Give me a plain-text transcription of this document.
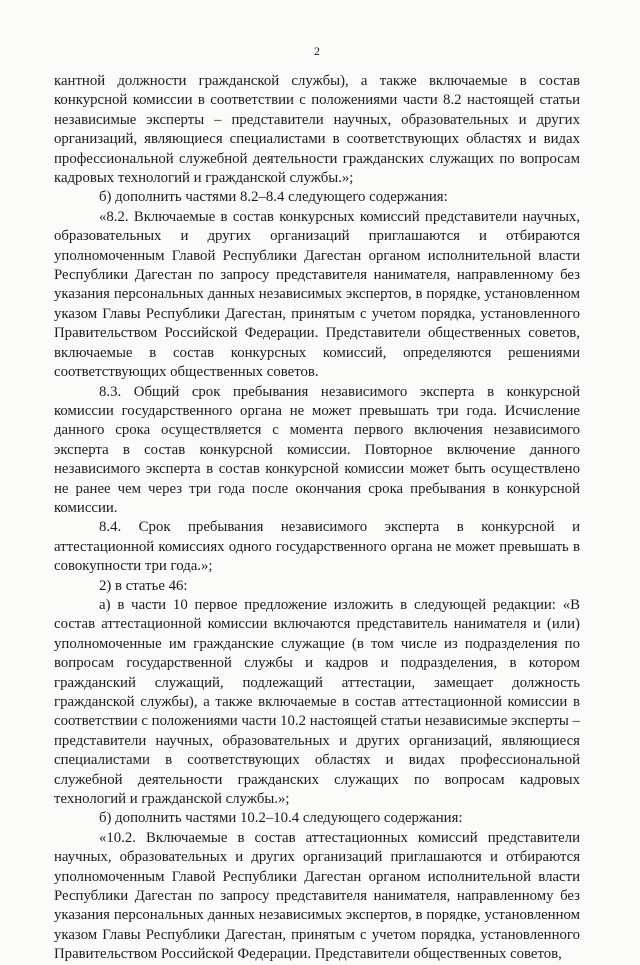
2

кантной должности гражданской службы), а также включаемые в состав конкурсной комиссии в соответствии с положениями части 8.2 настоящей статьи независимые эксперты – представители научных, образовательных и других организаций, являющиеся специалистами в соответствующих областях и видах профессиональной служебной деятельности гражданских служащих по вопросам кадровых технологий и гражданской службы.»;

б) дополнить частями 8.2–8.4 следующего содержания:

«8.2. Включаемые в состав конкурсных комиссий представители научных, образовательных и других организаций приглашаются и отбираются уполномоченным Главой Республики Дагестан органом исполнительной власти Республики Дагестан по запросу представителя нанимателя, направленному без указания персональных данных независимых экспертов, в порядке, установленном указом Главы Республики Дагестан, принятым с учетом порядка, установленного Правительством Российской Федерации. Представители общественных советов, включаемые в состав конкурсных комиссий, определяются решениями соответствующих общественных советов.

8.3. Общий срок пребывания независимого эксперта в конкурсной комиссии государственного органа не может превышать три года. Исчисление данного срока осуществляется с момента первого включения независимого эксперта в состав конкурсной комиссии. Повторное включение данного независимого эксперта в состав конкурсной комиссии может быть осуществлено не ранее чем через три года после окончания срока пребывания в конкурсной комиссии.

8.4. Срок пребывания независимого эксперта в конкурсной и аттестационной комиссиях одного государственного органа не может превышать в совокупности три года.»;

2) в статье 46:

а) в части 10 первое предложение изложить в следующей редакции: «В состав аттестационной комиссии включаются представитель нанимателя и (или) уполномоченные им гражданские служащие (в том числе из подразделения по вопросам государственной службы и кадров и подразделения, в котором гражданский служащий, подлежащий аттестации, замещает должность гражданской службы), а также включаемые в состав аттестационной комиссии в соответствии с положениями части 10.2 настоящей статьи независимые эксперты – представители научных, образовательных и других организаций, являющиеся специалистами в соответствующих областях и видах профессиональной служебной деятельности гражданских служащих по вопросам кадровых технологий и гражданской службы.»;

б) дополнить частями 10.2–10.4 следующего содержания:

«10.2. Включаемые в состав аттестационных комиссий представители научных, образовательных и других организаций приглашаются и отбираются уполномоченным Главой Республики Дагестан органом исполнительной власти Республики Дагестан по запросу представителя нанимателя, направленному без указания персональных данных независимых экспертов, в порядке, установленном указом Главы Республики Дагестан, принятым с учетом порядка, установленного Правительством Российской Федерации. Представители общественных советов,
